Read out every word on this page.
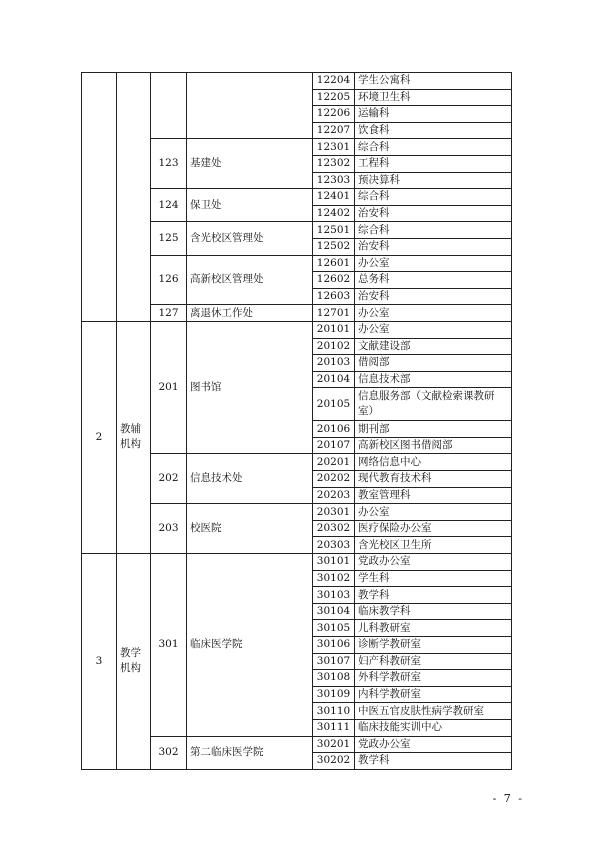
				12204	学生公寓科
				12205	环境卫生科
				12206	运输科
				12207	饮食科
		123	基建处	12301	综合科
				12302	工程科
				12303	预决算科
		124	保卫处	12401	综合科
				12402	治安科
		125	含光校区管理处	12501	综合科
				12502	治安科
		126	高新校区管理处	12601	办公室
				12602	总务科
				12603	治安科
		127	离退休工作处	12701	办公室
2	教辅机构	201	图书馆	20101	办公室
				20102	文献建设部
				20103	借阅部
				20104	信息技术部
				20105	信息服务部（文献检索课教研室）

				20106	期刊部
				20107	高新校区图书借阅部
		202	信息技术处	20201	网络信息中心
				20202	现代教育技术科
				20203	教室管理科
		203	校医院	20301	办公室
				20302	医疗保险办公室
				20303	含光校区卫生所
3	教学机构	301	临床医学院	30101	党政办公室
				30102	学生科
				30103	教学科
				30104	临床教学科
				30105	儿科教研室
				30106	诊断学教研室
				30107	妇产科教研室
				30108	外科学教研室
				30109	内科学教研室
				30110	中医五官皮肤性病学教研室
				30111	临床技能实训中心
		302	第二临床医学院	30201	党政办公室
				30202	教学科
- 7 -
